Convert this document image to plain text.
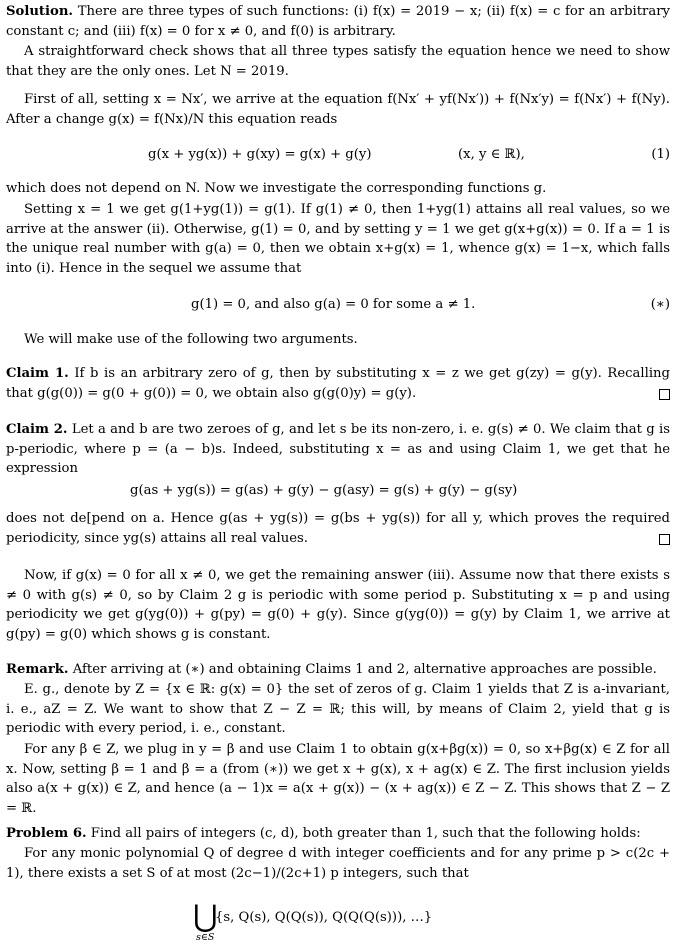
Solution. There are three types of such functions: (i) f(x) = 2019 − x; (ii) f(x) = c for an arbitrary constant c; and (iii) f(x) = 0 for x ≠ 0, and f(0) is arbitrary.

A straightforward check shows that all three types satisfy the equation hence we need to show that they are the only ones. Let N = 2019.

First of all, setting x = Nx′, we arrive at the equation f(Nx′ + yf(Nx′)) + f(Nx′y) = f(Nx′) + f(Ny). After a change g(x) = f(Nx)/N this equation reads

g(x + yg(x)) + g(xy) = g(x) + g(y)	(x, y ∈ ℝ),	(1)

which does not depend on N. Now we investigate the corresponding functions g.

Setting x = 1 we get g(1+yg(1)) = g(1). If g(1) ≠ 0, then 1+yg(1) attains all real values, so we arrive at the answer (ii). Otherwise, g(1) = 0, and by setting y = 1 we get g(x+g(x)) = 0. If a = 1 is the unique real number with g(a) = 0, then we obtain x+g(x) = 1, whence g(x) = 1−x, which falls into (i). Hence in the sequel we assume that

g(1) = 0, and also g(a) = 0 for some a ≠ 1.	(∗)

We will make use of the following two arguments.

Claim 1. If b is an arbitrary zero of g, then by substituting x = z we get g(zy) = g(y). Recalling that g(g(0)) = g(0 + g(0)) = 0, we obtain also g(g(0)y) = g(y).

Claim 2. Let a and b are two zeroes of g, and let s be its non-zero, i. e. g(s) ≠ 0. We claim that g is p-periodic, where p = (a − b)s. Indeed, substituting x = as and using Claim 1, we get that he expression

g(as + yg(s)) = g(as) + g(y) − g(asy) = g(s) + g(y) − g(sy)

does not de[pend on a. Hence g(as + yg(s)) = g(bs + yg(s)) for all y, which proves the required periodicity, since yg(s) attains all real values.

Now, if g(x) = 0 for all x ≠ 0, we get the remaining answer (iii). Assume now that there exists s ≠ 0 with g(s) ≠ 0, so by Claim 2 g is periodic with some period p. Substituting x = p and using periodicity we get g(yg(0)) + g(py) = g(0) + g(y). Since g(yg(0)) = g(y) by Claim 1, we arrive at g(py) = g(0) which shows g is constant.

Remark. After arriving at (∗) and obtaining Claims 1 and 2, alternative approaches are possible.

E. g., denote by Z = {x ∈ ℝ: g(x) = 0} the set of zeros of g. Claim 1 yields that Z is a-invariant, i. e., aZ = Z. We want to show that Z − Z = ℝ; this will, by means of Claim 2, yield that g is periodic with every period, i. e., constant.

For any β ∈ Z, we plug in y = β and use Claim 1 to obtain g(x+βg(x)) = 0, so x+βg(x) ∈ Z for all x. Now, setting β = 1 and β = a (from (∗)) we get x + g(x), x + ag(x) ∈ Z. The first inclusion yields also a(x + g(x)) ∈ Z, and hence (a − 1)x = a(x + g(x)) − (x + ag(x)) ∈ Z − Z. This shows that Z − Z = ℝ.

Problem 6. Find all pairs of integers (c, d), both greater than 1, such that the following holds:

For any monic polynomial Q of degree d with integer coefficients and for any prime p > c(2c + 1), there exists a set S of at most (2c−1)/(2c+1) p integers, such that

⋃
s∈S
{s, Q(s), Q(Q(s)), Q(Q(Q(s))), …}
